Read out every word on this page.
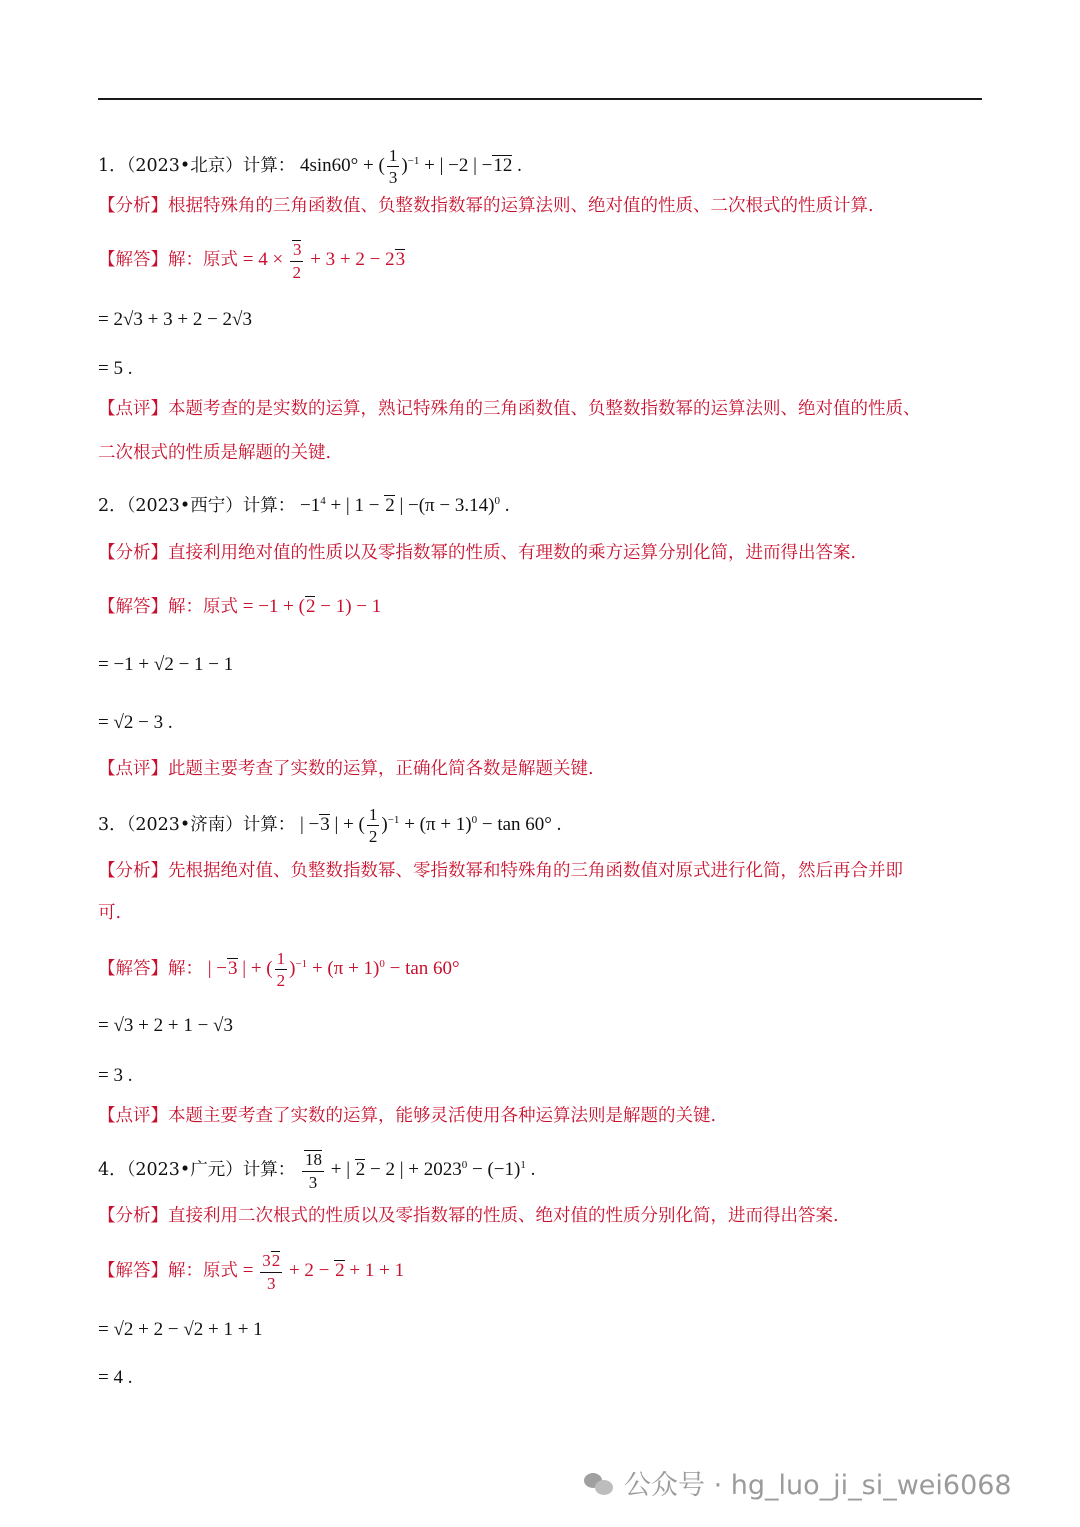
1．（2023•北京）计算： 4sin60° + ( $\frac{1}{3} )^{-1}$ + | −2 | −12 .
【分析】根据特殊角的三角函数值、负整数指数幂的运算法则、绝对值的性质、二次根式的性质计算.
【解答】解：原式 = $4 \times \frac{3}{2} + 3 + 2 - 23$
= 2√3 + 3 + 2 − 2√3
= 5 .
【点评】本题考查的是实数的运算，熟记特殊角的三角函数值、负整数指数幂的运算法则、绝对值的性质、
二次根式的性质是解题的关键.
2．（2023•西宁）计算： $-1^4$ + | 1 − 2 | $-(\pi - 3.14)^0$ .
【分析】直接利用绝对值的性质以及零指数幂的性质、有理数的乘方运算分别化简，进而得出答案.
【解答】解：原式 = −1 + (2 − 1) − 1
= −1 + √2 − 1 − 1
= √2 − 3 .
【点评】此题主要考查了实数的运算，正确化简各数是解题关键.
3．（2023•济南）计算： | −3 | + ( $\frac{1}{2} )^{-1} + (\pi + 1)^0 - \tan 60^\circ$ .
【分析】先根据绝对值、负整数指数幂、零指数幂和特殊角的三角函数值对原式进行化简，然后再合并即
可.
【解答】解： | −3 | + ( $\frac{1}{2} )^{-1} + (\pi + 1)^0 - \tan 60^\circ$
= √3 + 2 + 1 − √3
= 3 .
【点评】本题主要考查了实数的运算，能够灵活使用各种运算法则是解题的关键.
4．（2023•广元）计算： $\frac{18}{3}$ + | 2 − 2 | + $2023^0 - (-1)^1$ .
【分析】直接利用二次根式的性质以及零指数幂的性质、绝对值的性质分别化简，进而得出答案.
【解答】解：原式 = $\frac{32}{3} + 2 - 2 + 1 + 1$
= √2 + 2 − √2 + 1 + 1
= 4 .
公众号 · hg_luo_ji_si_wei6068
